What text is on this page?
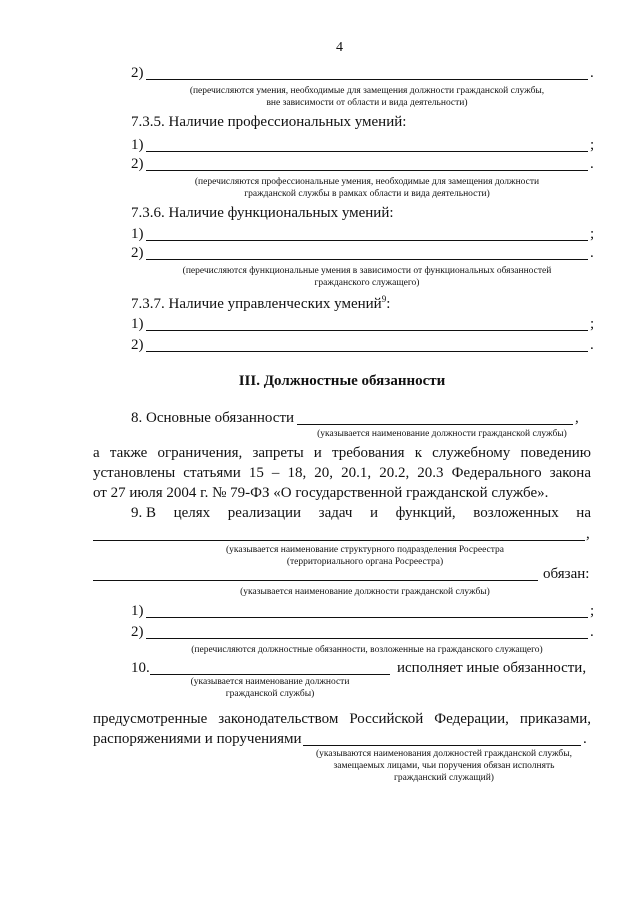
4
2)	.
(перечисляются умения, необходимые для замещения должности гражданской службы,
вне зависимости от области и вида деятельности)
7.3.5. Наличие профессиональных умений:
1)	;
2)	.
(перечисляются профессиональные умения, необходимые для замещения должности
гражданской службы в рамках области и вида деятельности)
7.3.6. Наличие функциональных умений:
1)	;
2)	.
(перечисляются функциональные умения в зависимости от функциональных обязанностей
гражданского служащего)
7.3.7. Наличие управленческих умений$^9$:
1)	;
2)	.
III. Должностные обязанности
8. Основные обязанности	,
(указывается наименование должности гражданской службы)
а также ограничения, запреты и требования к служебному поведению
установлены статьями 15 – 18, 20, 20.1, 20.2, 20.3 Федерального закона
от 27 июля 2004 г. № 79-ФЗ «О государственной гражданской службе».
9. В целях реализации задач и функций, возложенных на
,
(указывается наименование структурного подразделения Росреестра
(территориального органа Росреестра)
обязан:
(указывается наименование должности гражданской службы)
1)	;
2)	.
(перечисляются должностные обязанности, возложенные на гражданского служащего)
10.	исполняет иные обязанности,
(указывается наименование должности
гражданской службы)
предусмотренные законодательством Российской Федерации, приказами,
распоряжениями и поручениями	.
(указываются наименования должностей гражданской службы,
замещаемых лицами, чьи поручения обязан исполнять
гражданский служащий)
